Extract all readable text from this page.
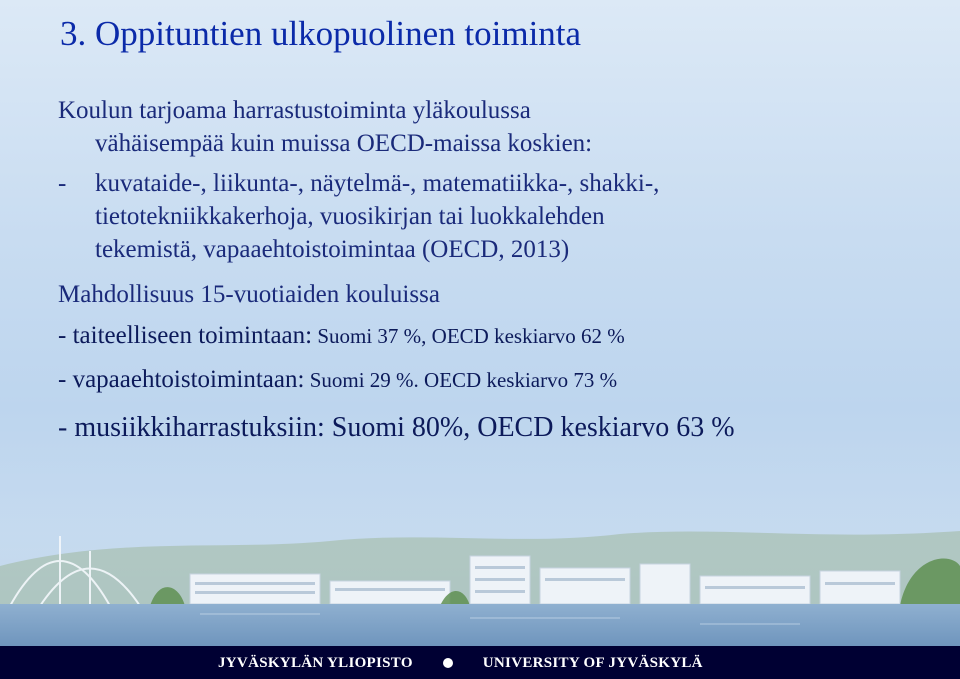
3. Oppituntien ulkopuolinen toiminta
Koulun tarjoama harrastustoiminta yläkoulussa
vähäisempää kuin muissa OECD-maissa koskien:
-	kuvataide-, liikunta-, näytelmä-, matematiikka-, shakki-,
tietotekniikkakerhoja, vuosikirjan tai luokkalehden
tekemistä, vapaaehtoistoimintaa (OECD, 2013)
Mahdollisuus 15-vuotiaiden kouluissa
- taiteelliseen toimintaan: Suomi 37 %, OECD keskiarvo 62 %
- vapaaehtoistoimintaan: Suomi 29 %. OECD keskiarvo 73 %
- musiikkiharrastuksiin: Suomi 80%, OECD keskiarvo 63 %
JYVÄSKYLÄN YLIOPISTO	UNIVERSITY OF JYVÄSKYLÄ
